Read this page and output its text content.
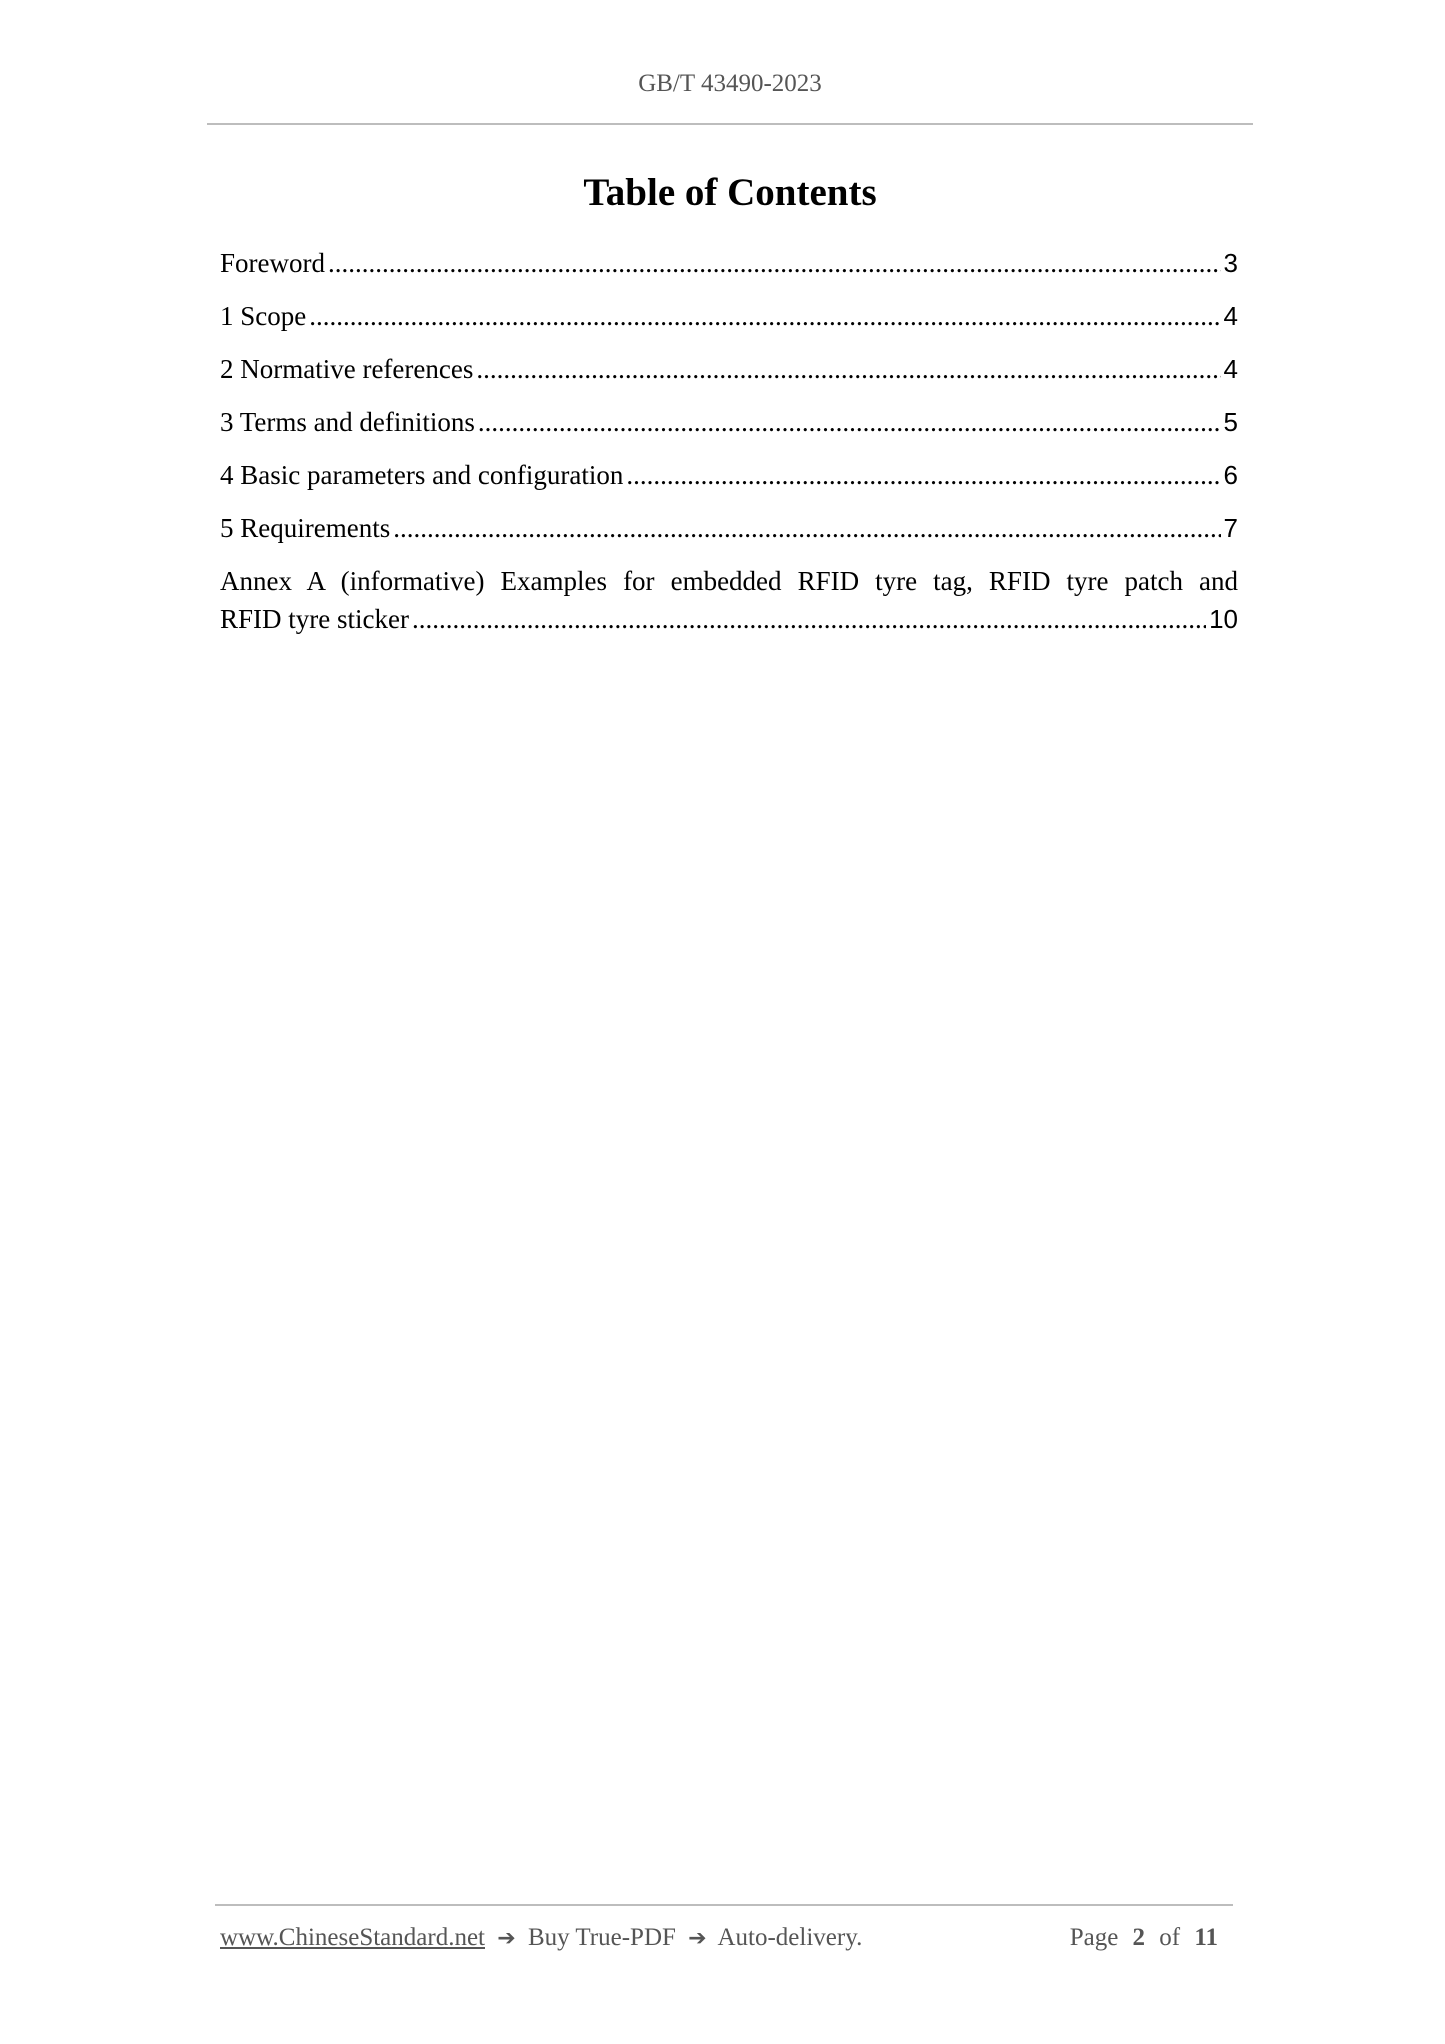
GB/T 43490-2023
Table of Contents
Foreword .....	3
1 Scope .....	4
2 Normative references .....	4
3 Terms and definitions .....	5
4 Basic parameters and configuration .....	6
5 Requirements .....	7
Annex A (informative) Examples for embedded RFID tyre tag, RFID tyre patch and
RFID tyre sticker .....	10
www.ChineseStandard.net ➔ Buy True-PDF ➔ Auto-delivery.	Page 2 of 11
